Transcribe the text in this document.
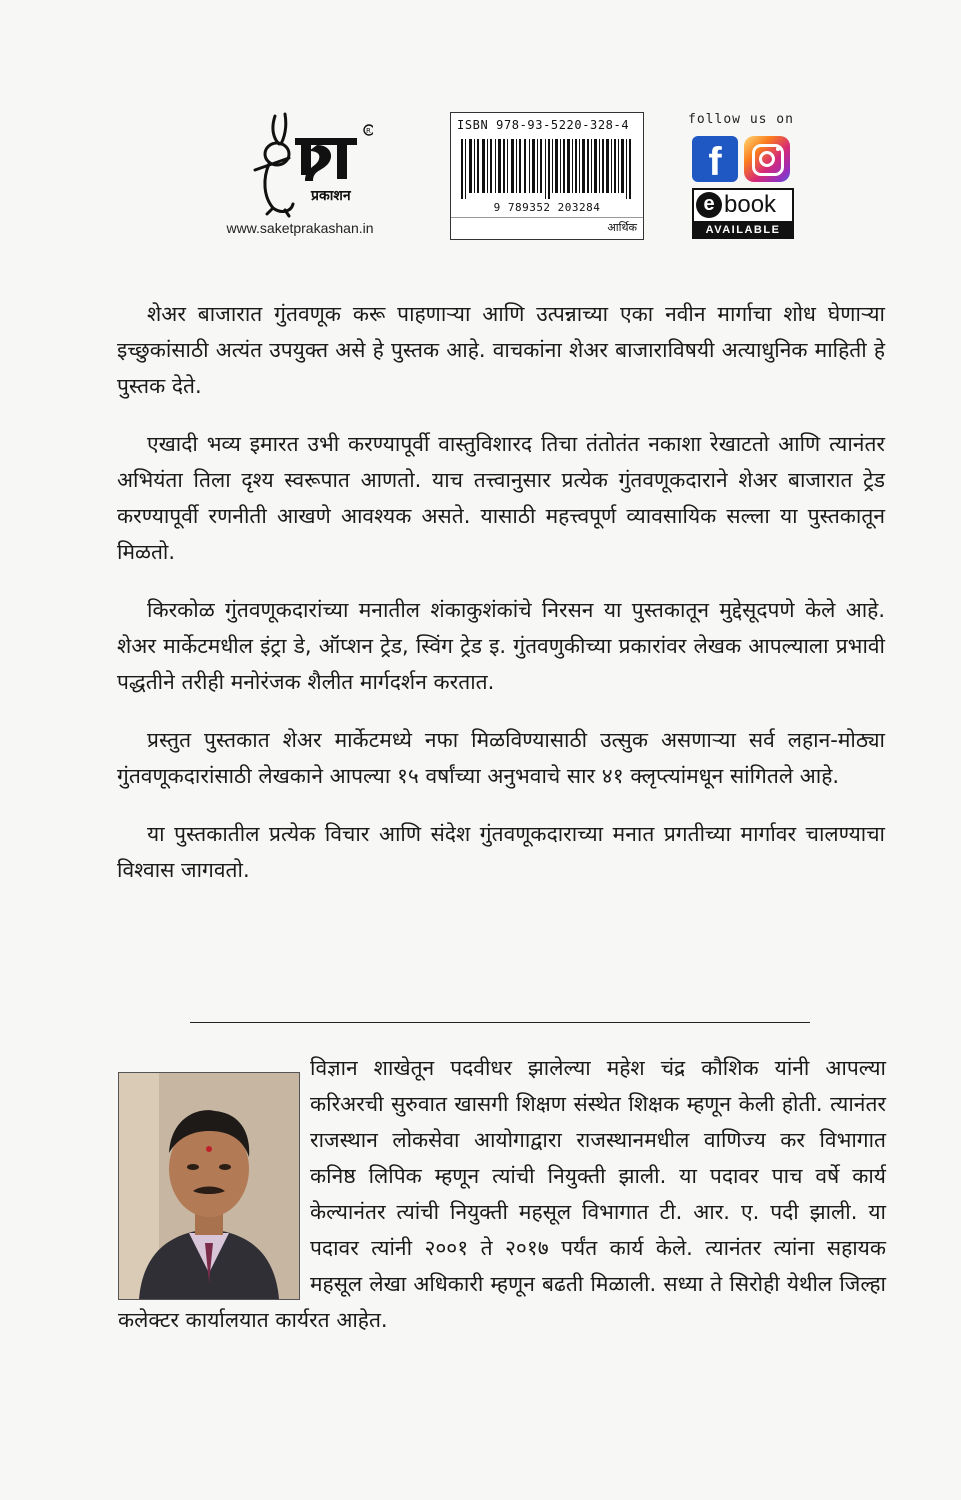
प्रकाशन
R
www.saketprakashan.in
ISBN 978-93-5220-328-4
9 789352 203284
आर्थिक
follow us on
f
e book
AVAILABLE

शेअर बाजारात गुंतवणूक करू पाहणाऱ्या आणि उत्पन्नाच्या एका नवीन मार्गाचा शोध घेणाऱ्या इच्छुकांसाठी अत्यंत उपयुक्त असे हे पुस्तक आहे. वाचकांना शेअर बाजाराविषयी अत्याधुनिक माहिती हे पुस्तक देते.

एखादी भव्य इमारत उभी करण्यापूर्वी वास्तुविशारद तिचा तंतोतंत नकाशा रेखाटतो आणि त्यानंतर अभियंता तिला दृश्य स्वरूपात आणतो. याच तत्त्वानुसार प्रत्येक गुंतवणूकदाराने शेअर बाजारात ट्रेड करण्यापूर्वी रणनीती आखणे आवश्यक असते. यासाठी महत्त्वपूर्ण व्यावसायिक सल्ला या पुस्तकातून मिळतो.

किरकोळ गुंतवणूकदारांच्या मनातील शंकाकुशंकांचे निरसन या पुस्तकातून मुद्देसूदपणे केले आहे. शेअर मार्केटमधील इंट्रा डे, ऑप्शन ट्रेड, स्विंग ट्रेड इ. गुंतवणुकीच्या प्रकारांवर लेखक आपल्याला प्रभावी पद्धतीने तरीही मनोरंजक शैलीत मार्गदर्शन करतात.

प्रस्तुत पुस्तकात शेअर मार्केटमध्ये नफा मिळविण्यासाठी उत्सुक असणाऱ्या सर्व लहान-मोठ्या गुंतवणूकदारांसाठी लेखकाने आपल्या १५ वर्षांच्या अनुभवाचे सार ४१ क्लृप्त्यांमधून सांगितले आहे.

या पुस्तकातील प्रत्येक विचार आणि संदेश गुंतवणूकदाराच्या मनात प्रगतीच्या मार्गावर चालण्याचा विश्वास जागवतो.

विज्ञान शाखेतून पदवीधर झालेल्या महेश चंद्र कौशिक यांनी आपल्या करिअरची सुरुवात खासगी शिक्षण संस्थेत शिक्षक म्हणून केली होती. त्यानंतर राजस्थान लोकसेवा आयोगाद्वारा राजस्थानमधील वाणिज्य कर विभागात कनिष्ठ लिपिक म्हणून त्यांची नियुक्ती झाली. या पदावर पाच वर्षे कार्य केल्यानंतर त्यांची नियुक्ती महसूल विभागात टी. आर. ए. पदी झाली. या पदावर त्यांनी २००१ ते २०१७ पर्यंत कार्य केले. त्यानंतर त्यांना सहायक महसूल लेखा अधिकारी म्हणून बढती मिळाली. सध्या ते सिरोही येथील जिल्हा कलेक्टर कार्यालयात कार्यरत आहेत.
